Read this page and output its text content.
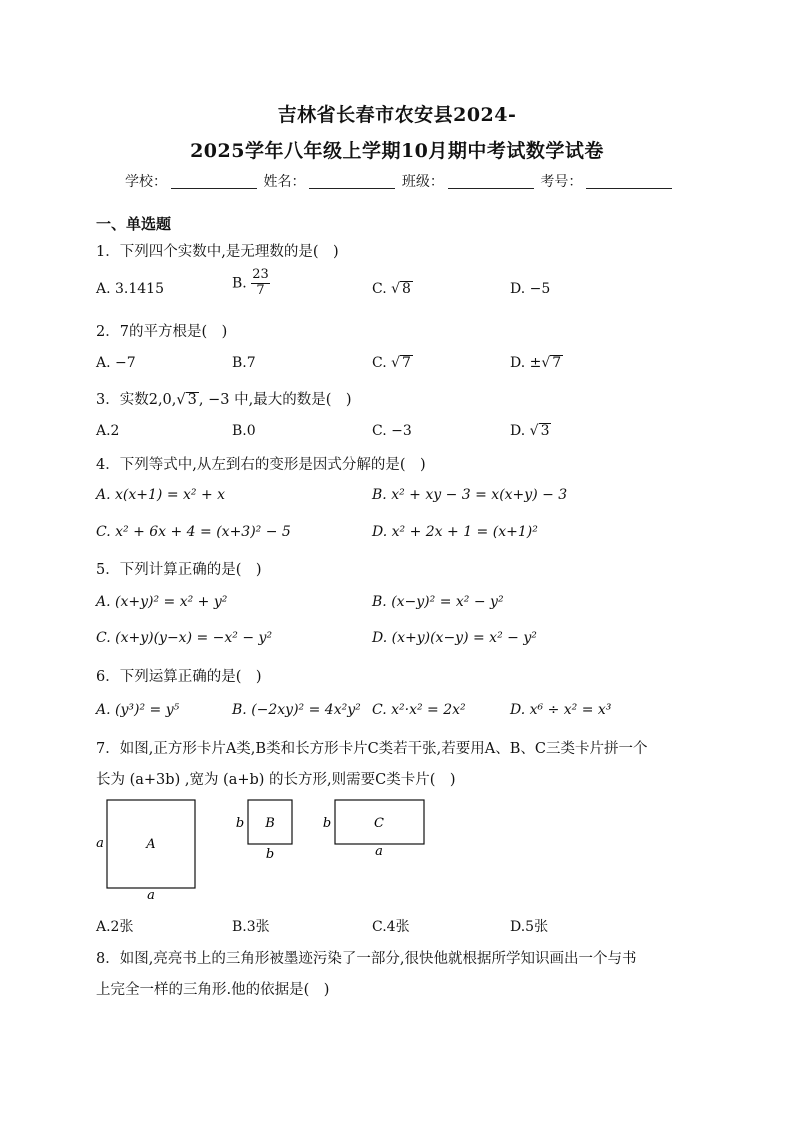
吉林省长春市农安县2024-
2025学年八年级上学期10月期中考试数学试卷
学校：	姓名：	班级：	考号：
一、单选题
1．下列四个实数中,是无理数的是(　)
A. 3.1415	B. $\frac{23}{7}$	C. √ 8	D. −5
2．7的平方根是(　)
A. −7	B.7	C. √ 7	D. ±√ 7
3．实数2,0,√ 3 , −3 中,最大的数是(　)
A.2	B.0	C. −3	D. √ 3
4．下列等式中,从左到右的变形是因式分解的是(　)
A. x(x+1) = x² + x	B. x² + xy − 3 = x(x+y) − 3
C. x² + 6x + 4 = (x+3)² − 5	D. x² + 2x + 1 = (x+1)²
5．下列计算正确的是(　)
A. (x+y)² = x² + y²	B. (x−y)² = x² − y²
C. (x+y)(y−x) = −x² − y²	D. (x+y)(x−y) = x² − y²
6．下列运算正确的是(　)
A. (y³)² = y⁵	B. (−2xy)² = 4x²y² C. x²·x² = 2x²	D. x⁶ ÷ x² = x³
7．如图,正方形卡片A类,B类和长方形卡片C类若干张,若要用A、B、C三类卡片拼一个
长为 (a+3b) ,宽为 (a+b) 的长方形,则需要C类卡片(　)
A
a
a
B
b
b
C
b
a
A.2张	B.3张	C.4张	D.5张
8．如图,亮亮书上的三角形被墨迹污染了一部分,很快他就根据所学知识画出一个与书
上完全一样的三角形.他的依据是(　)
